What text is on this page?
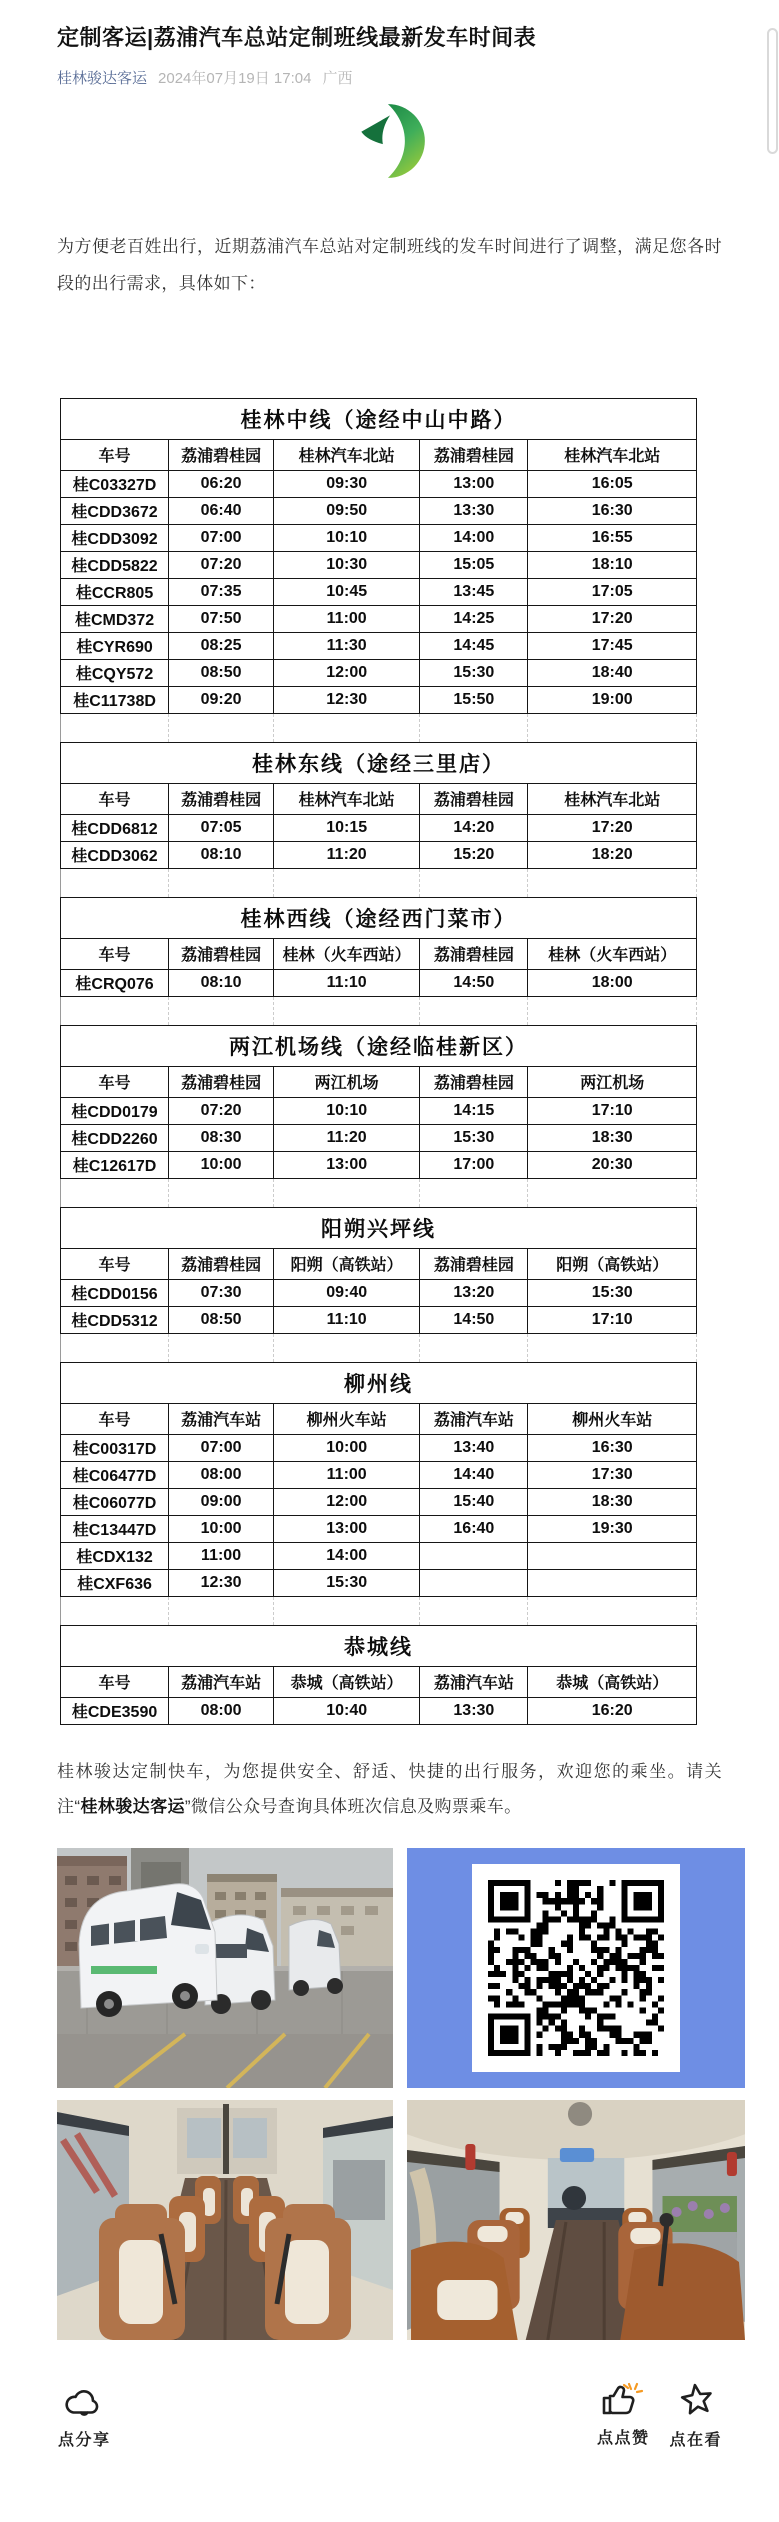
定制客运|荔浦汽车总站定制班线最新发车时间表
桂林骏达客运 2024年07月19日 17:04 广西

为方便老百姓出行，近期荔浦汽车总站对定制班线的发车时间进行了调整，满足您各时段的出行需求，具体如下：

桂林中线（途经中山中路）				
车号	荔浦碧桂园	桂林汽车北站	荔浦碧桂园	桂林汽车北站
桂C03327D	06:20	09:30	13:00	16:05
桂CDD3672	06:40	09:50	13:30	16:30
桂CDD3092	07:00	10:10	14:00	16:55
桂CDD5822	07:20	10:30	15:05	18:10
桂CCR805	07:35	10:45	13:45	17:05
桂CMD372	07:50	11:00	14:25	17:20
桂CYR690	08:25	11:30	14:45	17:45
桂CQY572	08:50	12:00	15:30	18:40
桂C11738D	09:20	12:30	15:50	19:00
桂林东线（途经三里店）				
车号	荔浦碧桂园	桂林汽车北站	荔浦碧桂园	桂林汽车北站
桂CDD6812	07:05	10:15	14:20	17:20
桂CDD3062	08:10	11:20	15:20	18:20
桂林西线（途经西门菜市）				
车号	荔浦碧桂园	桂林（火车西站）	荔浦碧桂园	桂林（火车西站）
桂CRQ076	08:10	11:10	14:50	18:00
两江机场线（途经临桂新区）				
车号	荔浦碧桂园	两江机场	荔浦碧桂园	两江机场
桂CDD0179	07:20	10:10	14:15	17:10
桂CDD2260	08:30	11:20	15:30	18:30
桂C12617D	10:00	13:00	17:00	20:30
阳朔兴坪线				
车号	荔浦碧桂园	阳朔（高铁站）	荔浦碧桂园	阳朔（高铁站）
桂CDD0156	07:30	09:40	13:20	15:30
桂CDD5312	08:50	11:10	14:50	17:10
柳州线				
车号	荔浦汽车站	柳州火车站	荔浦汽车站	柳州火车站
桂C00317D	07:00	10:00	13:40	16:30
桂C06477D	08:00	11:00	14:40	17:30
桂C06077D	09:00	12:00	15:40	18:30
桂C13447D	10:00	13:00	16:40	19:30
桂CDX132	11:00	14:00		
桂CXF636	12:30	15:30		
恭城线				
车号	荔浦汽车站	恭城（高铁站）	荔浦汽车站	恭城（高铁站）
桂CDE3590	08:00	10:40	13:30	16:20

桂林骏达定制快车，为您提供安全、舒适、快捷的出行服务，欢迎您的乘坐。请关注“桂林骏达客运”微信公众号查询具体班次信息及购票乘车。

点分享	点点赞 点在看
